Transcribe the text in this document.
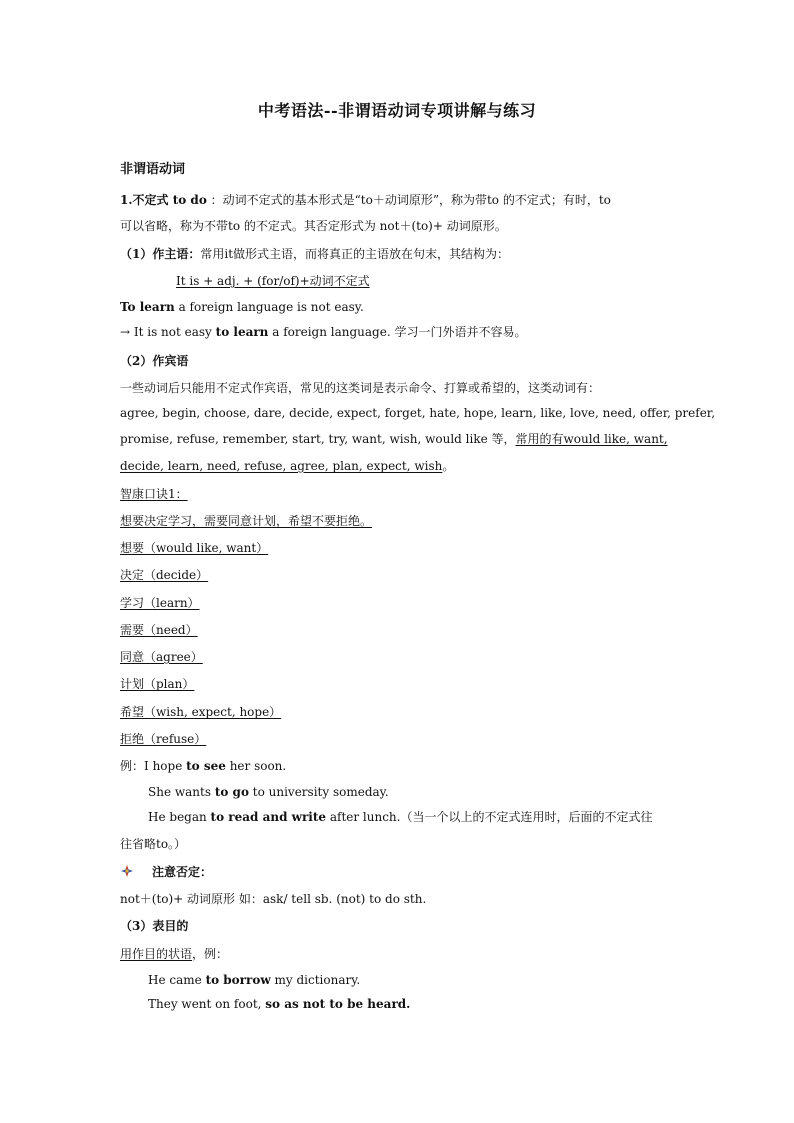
中考语法--非谓语动词专项讲解与练习
非谓语动词
1.不定式 to do ：动词不定式的基本形式是“to＋动词原形”，称为带to 的不定式；有时，to
可以省略，称为不带to 的不定式。其否定形式为 not＋(to)+ 动词原形。
（1）作主语：常用it做形式主语，而将真正的主语放在句末，其结构为：
It is + adj. + (for/of)+动词不定式
To learn a foreign language is not easy.
→ It is not easy to learn a foreign language. 学习一门外语并不容易。
（2）作宾语
一些动词后只能用不定式作宾语，常见的这类词是表示命令、打算或希望的，这类动词有：
agree, begin, choose, dare, decide, expect, forget, hate, hope, learn, like, love, need, offer, prefer,
promise, refuse, remember, start, try, want, wish, would like 等，常用的有would like, want,
decide, learn, need, refuse, agree, plan, expect, wish。
智康口诀1：
想要决定学习，需要同意计划，希望不要拒绝。
想要（would like, want）
决定（decide）
学习（learn）
需要（need）
同意（agree）
计划（plan）
希望（wish, expect, hope）
拒绝（refuse）
例：I hope to see her soon.
She wants to go to university someday.
He began to read and write after lunch.（当一个以上的不定式连用时，后面的不定式往
往省略to。）
注意否定：
not＋(to)+ 动词原形 如：ask/ tell sb. (not) to do sth.
（3）表目的
用作目的状语，例：
He came to borrow my dictionary.
They went on foot, so as not to be heard.
